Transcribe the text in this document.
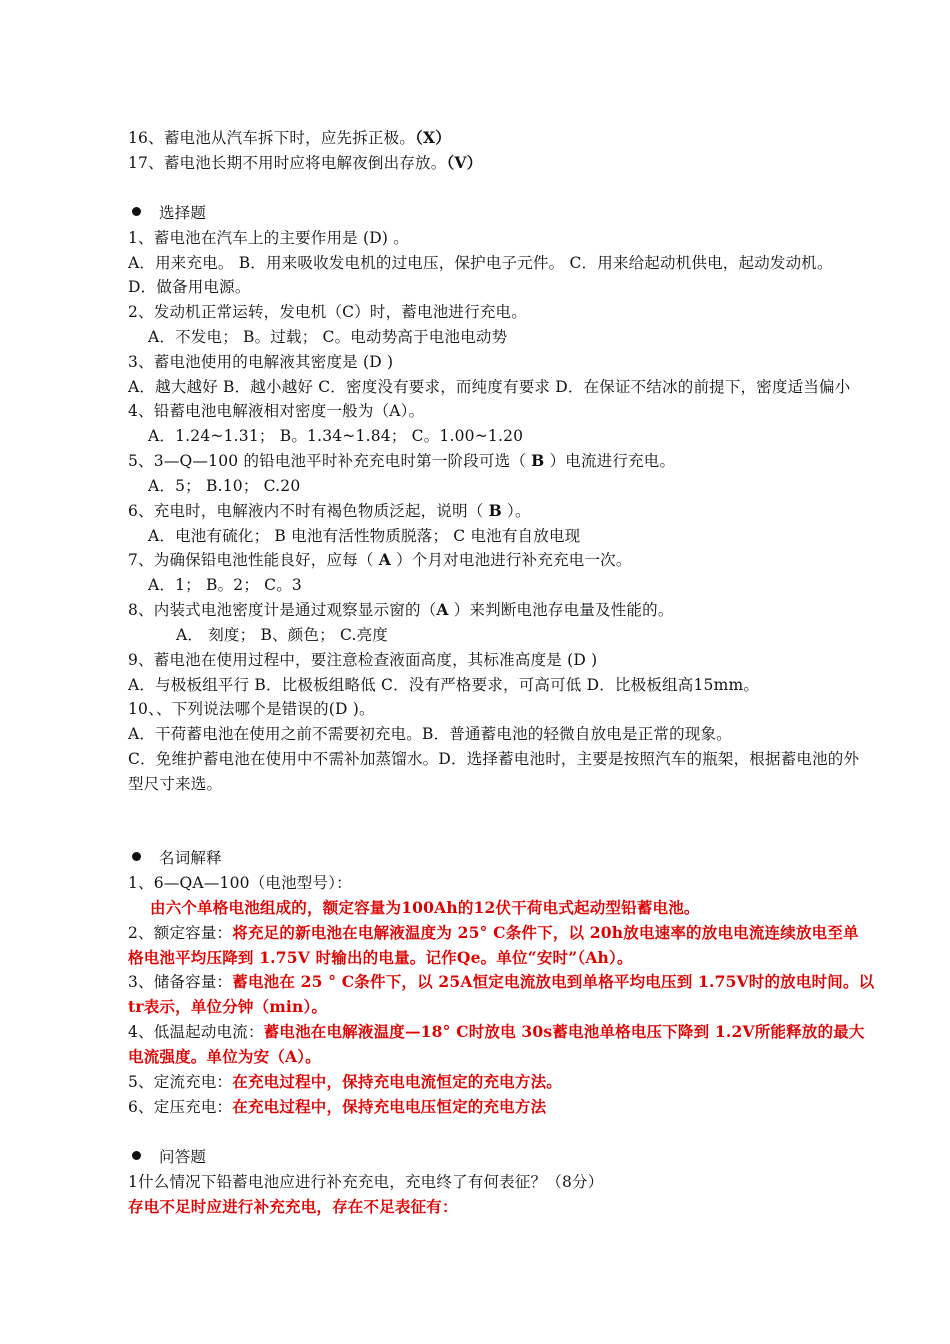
16、蓄电池从汽车拆下时，应先拆正极。（X）
17、蓄电池长期不用时应将电解夜倒出存放。（V）
选择题
1、蓄电池在汽车上的主要作用是 (D) 。
A．用来充电。 B．用来吸收发电机的过电压，保护电子元件。 C．用来给起动机供电，起动发动机。
D．做备用电源。
2、发动机正常运转，发电机（C）时，蓄电池进行充电。
A．不发电； B。过载； C。电动势高于电池电动势
3、蓄电池使用的电解液其密度是 (D )
A．越大越好 B．越小越好 C．密度没有要求，而纯度有要求 D．在保证不结冰的前提下，密度适当偏小
4、铅蓄电池电解液相对密度一般为（A）。
A．1.24~1.31； B。1.34~1.84； C。1.00~1.20
5、3—Q—100 的铅电池平时补充充电时第一阶段可选（ B ）电流进行充电。
A．5； B.10； C.20
6、充电时，电解液内不时有褐色物质泛起，说明（ B ）。
A．电池有硫化； B 电池有活性物质脱落； C 电池有自放电现
7、为确保铅电池性能良好，应每（ A ）个月对电池进行补充充电一次。
A．1； B。2； C。3
8、内装式电池密度计是通过观察显示窗的（A ）来判断电池存电量及性能的。
A． 刻度； B、颜色； C.亮度
9、蓄电池在使用过程中，要注意检查液面高度，其标准高度是 (D )
A．与极板组平行 B．比极板组略低 C．没有严格要求，可高可低 D．比极板组高15mm。
10、、下列说法哪个是错误的(D )。
A．干荷蓄电池在使用之前不需要初充电。B．普通蓄电池的轻微自放电是正常的现象。
C．免维护蓄电池在使用中不需补加蒸馏水。D．选择蓄电池时，主要是按照汽车的瓶架，根据蓄电池的外
型尺寸来选。
名词解释
1、6—QA—100（电池型号）：
由六个单格电池组成的，额定容量为100Ah的12伏干荷电式起动型铅蓄电池。
2、额定容量：将充足的新电池在电解液温度为 25° C条件下，以 20h放电速率的放电电流连续放电至单
格电池平均压降到 1.75V 时输出的电量。记作Qe。单位“安时”（Ah）。
3、储备容量：蓄电池在 25 ° C条件下，以 25A恒定电流放电到单格平均电压到 1.75V时的放电时间。以
tr表示，单位分钟（min）。
4、低温起动电流：蓄电池在电解液温度—18° C时放电 30s蓄电池单格电压下降到 1.2V所能释放的最大
电流强度。单位为安（A）。
5、定流充电：在充电过程中，保持充电电流恒定的充电方法。
6、定压充电：在充电过程中，保持充电电压恒定的充电方法
问答题
1什么情况下铅蓄电池应进行补充充电，充电终了有何表征？（8分）
存电不足时应进行补充充电，存在不足表征有：
